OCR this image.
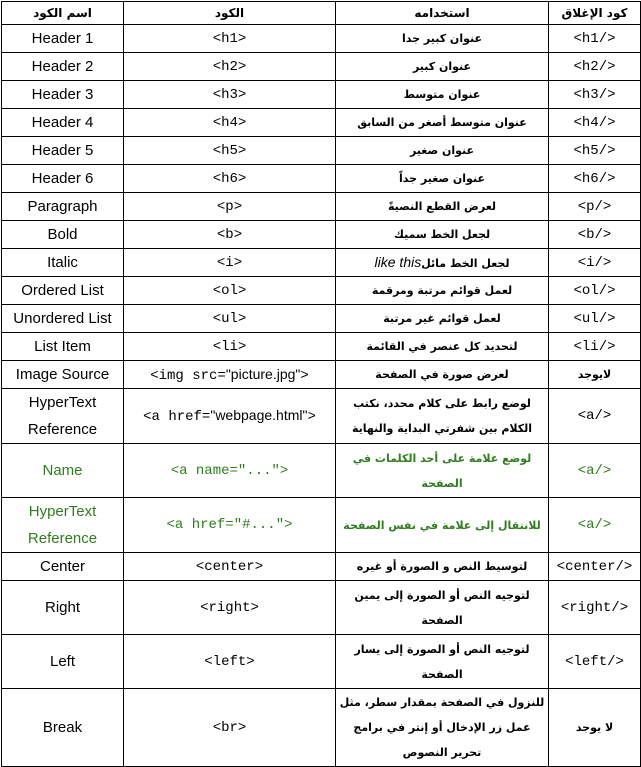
كود الإغلاق	استخدامه	الكود	اسم الكود
</h1>	عنوان كبير جدا	<h1>	Header 1
</h2>	عنوان كبير	<h2>	Header 2
</h3>	عنوان متوسط	<h3>	Header 3
</h4>	عنوان متوسط أصغر من السابق	<h4>	Header 4
</h5>	عنوان صغير	<h5>	Header 5
</h6>	عنوان صغير جداً	<h6>	Header 6
</p>	لعرض القطع النصيةً	<p>	Paragraph
</b>	لجعل الخط سميك	<b>	Bold
</i>	لجعل الخط مائلlike this	<i>	Italic
</ol>	لعمل قوائم مرتبة ومرقمة	<ol>	Ordered List
</ul>	لعمل قوائم غير مرتبة	<ul>	Unordered List
</li>	لتحديد كل عنصر في القائمة	<li>	List Item
لايوجد	لعرض صورة في الصفحة	<img src="picture.jpg">	Image Source
</a>	لوضع رابط على كلام محدد، نكتب الكلام بين شفرتي البداية والنهاية	<a href="webpage.html">	HyperText Reference
</a>	لوضع علامة على أحد الكلمات في الصفحة	<a name="...">	Name
</a>	للانتقال إلى علامة في نفس الصفحة	<a href="#...">	HyperText Reference
</center>	لتوسيط النص و الصورة أو غيره	<center>	Center
</right>	لتوجيه النص أو الصورة إلى يمين الصفحة	<right>	Right
</left>	لتوجيه النص أو الصورة إلى يسار الصفحة	<left>	Left
لا يوجد	للنزول في الصفحة بمقدار سطر، مثل عمل زر الإدخال أو إنتر في برامج تحرير النصوص	<br>	Break
